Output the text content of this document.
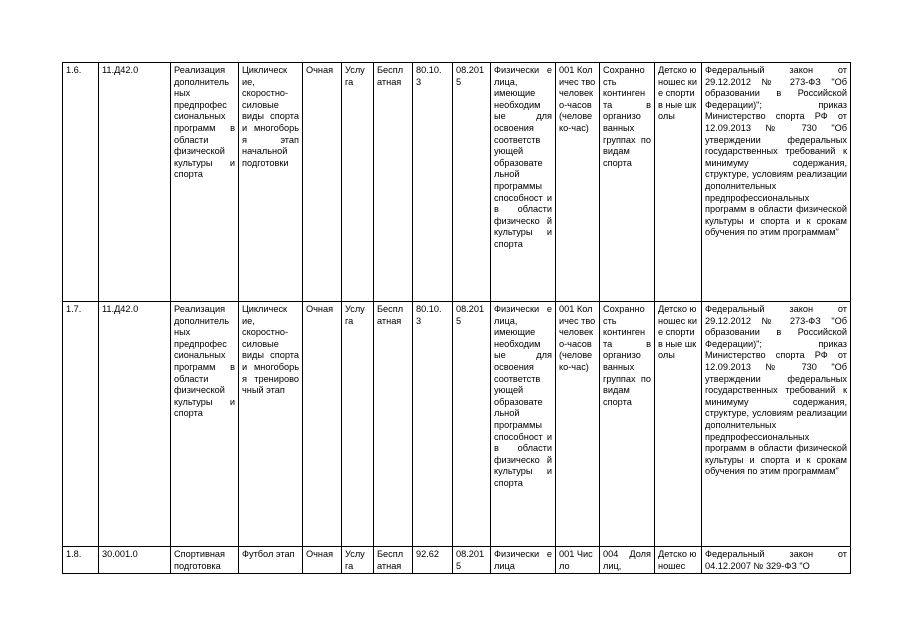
1.6.	11.Д42.0	Реализация дополнитель ных предпрофес сиональных программ в области физической культуры и спорта	Циклическ ие, скоростно- силовые виды спорта и многоборь я этап начальной подготовки	Очная	Услу га	Беспл атная	80.10. 3	08.201 5	Физически е лица, имеющие необходим ые для освоения соответств ующей образовате льной программы способност и в области физическо й культуры и спорта	001 Количес тво человек о-часов (челове ко-час)	Сохранно сть континген та в организо ванных группах по видам спорта	Детско юношес кие спортив ные школы	Федеральный закон от 29.12.2012 № 273-ФЗ "Об образовании в Российской Федерации)"; приказ Министерство спорта РФ от 12.09.2013 № 730 "Об утверждении федеральных государственных требований к минимуму содержания, структуре, условиям реализации дополнительных предпрофессиональных программ в области физической культуры и спорта и к срокам обучения по этим программам"
1.7.	11.Д42.0	Реализация дополнитель ных предпрофес сиональных программ в области физической культуры и спорта	Циклическ ие, скоростно- силовые виды спорта и многоборь я тренирово чный этап	Очная	Услу га	Беспл атная	80.10. 3	08.201 5	Физически е лица, имеющие необходим ые для освоения соответств ующей образовате льной программы способност и в области физическо й культуры и спорта	001 Количес тво человек о-часов (челове ко-час)	Сохранно сть континген та в организо ванных группах по видам спорта	Детско юношес кие спортив ные школы	Федеральный закон от 29.12.2012 № 273-ФЗ "Об образовании в Российской Федерации)"; приказ Министерство спорта РФ от 12.09.2013 № 730 "Об утверждении федеральных государственных требований к минимуму содержания, структуре, условиям реализации дополнительных предпрофессиональных программ в области физической культуры и спорта и к срокам обучения по этим программам"
1.8.	30.001.0	Спортивная подготовка	Футбол этап	Очная	Услу га	Беспл атная	92.62	08.201 5	Физически е лица	001 Число	004 Доля лиц,	Детско юношес	Федеральный закон от 04.12.2007 № 329-ФЗ "О
